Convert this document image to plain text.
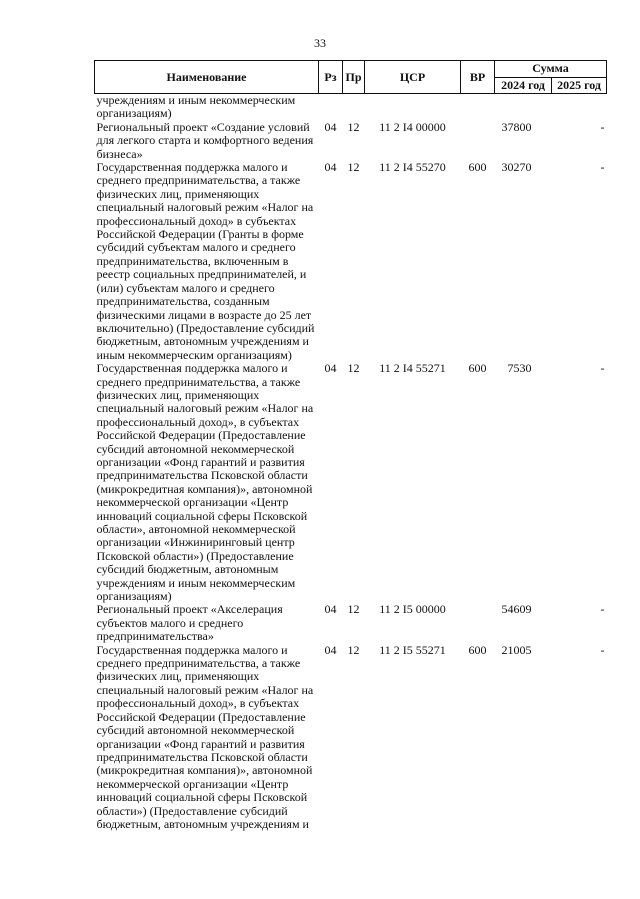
33
Наименование	Рз	Пр	ЦСР	ВР	Сумма	
					2024 год	2025 год
учреждениям и иным некоммерческим организациям)						
Региональный проект «Создание условий для легкого старта и комфортного ведения бизнеса»	04	12	11 2 I4 00000		37800	-
Государственная поддержка малого и среднего предпринимательства, а также физических лиц, применяющих специальный налоговый режим «Налог на профессиональный доход» в субъектах Российской Федерации (Гранты в форме субсидий субъектам малого и среднего предпринимательства, включенным в реестр социальных предпринимателей, и (или) субъектам малого и среднего предпринимательства, созданным физическими лицами в возрасте до 25 лет включительно) (Предоставление субсидий бюджетным, автономным учреждениям и иным некоммерческим организациям)	04	12	11 2 I4 55270	600	30270	-
Государственная поддержка малого и среднего предпринимательства, а также физических лиц, применяющих специальный налоговый режим «Налог на профессиональный доход», в субъектах Российской Федерации (Предоставление субсидий автономной некоммерческой организации «Фонд гарантий и развития предпринимательства Псковской области (микрокредитная компания)», автономной некоммерческой организации «Центр инноваций социальной сферы Псковской области», автономной некоммерческой организации «Инжиниринговый центр Псковской области») (Предоставление субсидий бюджетным, автономным учреждениям и иным некоммерческим организациям)	04	12	11 2 I4 55271	600	7530	-
Региональный проект «Акселерация субъектов малого и среднего предпринимательства»	04	12	11 2 I5 00000		54609	-
Государственная поддержка малого и среднего предпринимательства, а также физических лиц, применяющих специальный налоговый режим «Налог на профессиональный доход», в субъектах Российской Федерации (Предоставление субсидий автономной некоммерческой организации «Фонд гарантий и развития предпринимательства Псковской области (микрокредитная компания)», автономной некоммерческой организации «Центр инноваций социальной сферы Псковской области») (Предоставление субсидий бюджетным, автономным учреждениям и	04	12	11 2 I5 55271	600	21005	-
